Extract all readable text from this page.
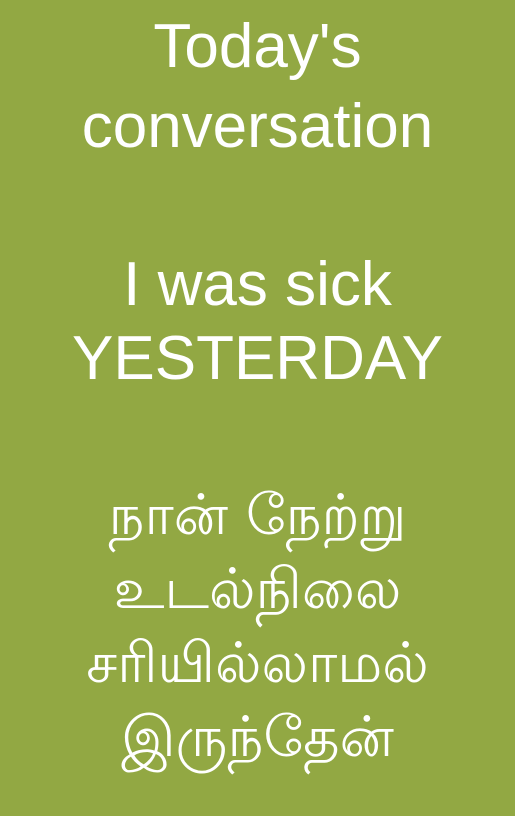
Today's
conversation
I was sick
YESTERDAY
நான் நேற்று
உடல்நிலை
சரியில்லாமல்
இருந்தேன்
